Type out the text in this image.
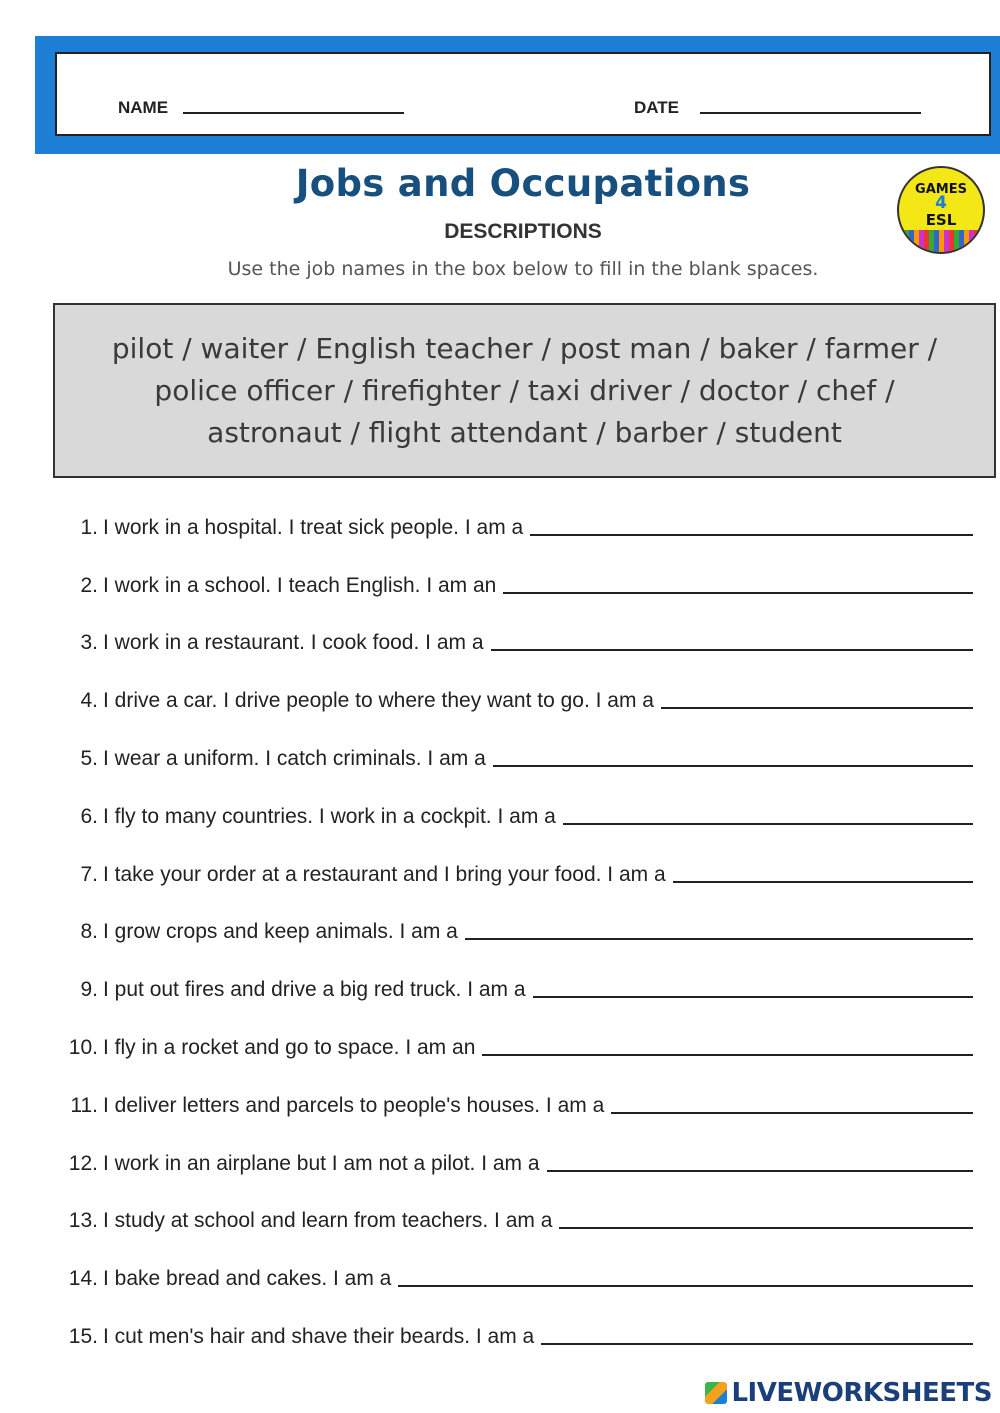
NAME	DATE
Jobs and Occupations
DESCRIPTIONS
Use the job names in the box below to fill in the blank spaces.
GAMES
4
ESL
pilot / waiter / English teacher / post man / baker / farmer /
police officer / firefighter / taxi driver / doctor / chef /
astronaut / flight attendant / barber / student
1. I work in a hospital. I treat sick people. I am a
2. I work in a school. I teach English. I am an
3. I work in a restaurant. I cook food. I am a
4. I drive a car. I drive people to where they want to go. I am a
5. I wear a uniform. I catch criminals. I am a
6. I fly to many countries. I work in a cockpit. I am a
7. I take your order at a restaurant and I bring your food. I am a
8. I grow crops and keep animals. I am a
9. I put out fires and drive a big red truck. I am a
10. I fly in a rocket and go to space. I am an
11. I deliver letters and parcels to people's houses. I am a
12. I work in an airplane but I am not a pilot. I am a
13. I study at school and learn from teachers. I am a
14. I bake bread and cakes. I am a
15. I cut men's hair and shave their beards. I am a
LIVEWORKSHEETS
